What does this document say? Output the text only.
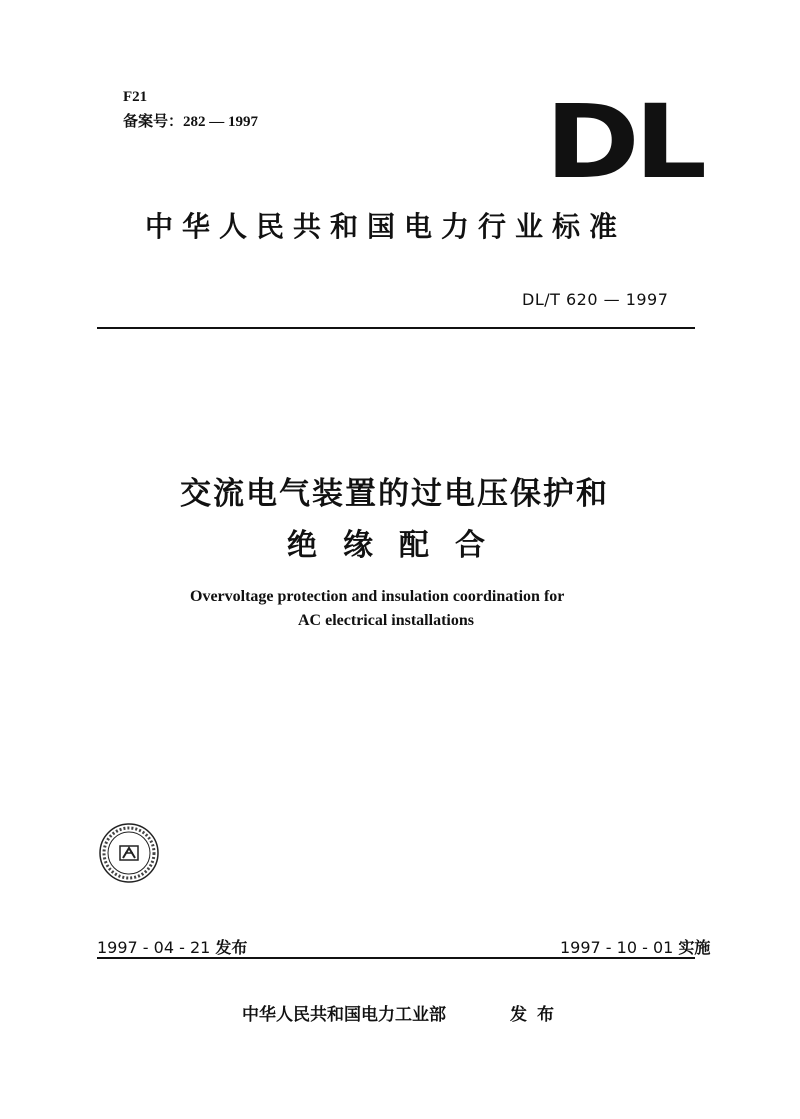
F21
备案号：282 — 1997	DL
中华人民共和国电力行业标准
DL/T 620 — 1997
交流电气装置的过电压保护和
绝缘配合
Overvoltage protection and insulation coordination for
AC electrical installations
1997 - 04 - 21 发布	1997 - 10 - 01 实施
中华人民共和国电力工业部	发布
